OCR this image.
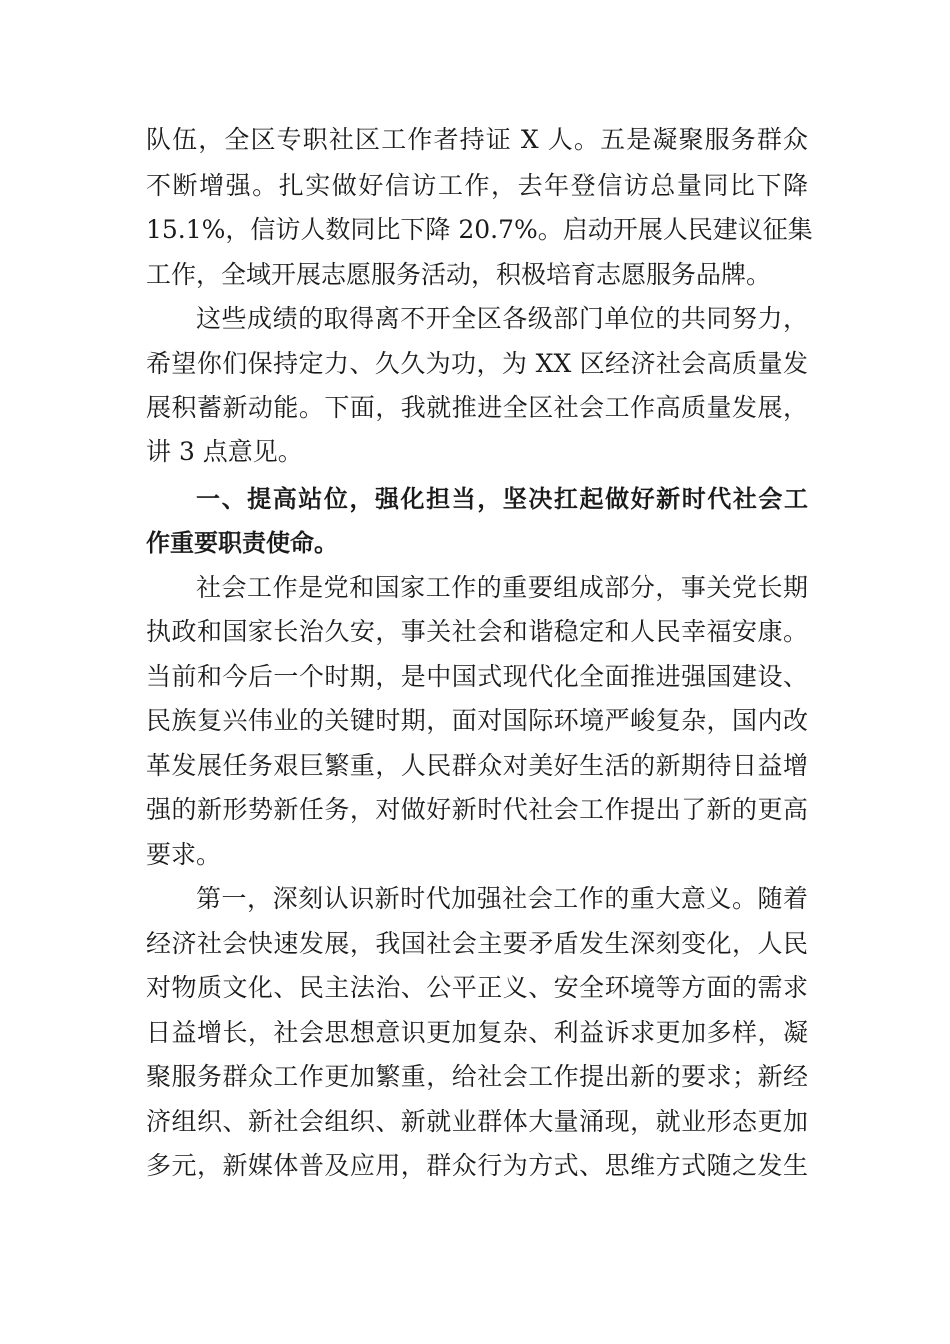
队伍，全区专职社区工作者持证 X 人。五是凝聚服务群众
不断增强。扎实做好信访工作，去年登信访总量同比下降
15.1%，信访人数同比下降 20.7%。启动开展人民建议征集
工作，全域开展志愿服务活动，积极培育志愿服务品牌。
这些成绩的取得离不开全区各级部门单位的共同努力，
希望你们保持定力、久久为功，为 XX 区经济社会高质量发
展积蓄新动能。下面，我就推进全区社会工作高质量发展，
讲 3 点意见。
一、提高站位，强化担当，坚决扛起做好新时代社会工
作重要职责使命。
社会工作是党和国家工作的重要组成部分，事关党长期
执政和国家长治久安，事关社会和谐稳定和人民幸福安康。
当前和今后一个时期，是中国式现代化全面推进强国建设、
民族复兴伟业的关键时期，面对国际环境严峻复杂，国内改
革发展任务艰巨繁重，人民群众对美好生活的新期待日益增
强的新形势新任务，对做好新时代社会工作提出了新的更高
要求。
第一，深刻认识新时代加强社会工作的重大意义。随着
经济社会快速发展，我国社会主要矛盾发生深刻变化，人民
对物质文化、民主法治、公平正义、安全环境等方面的需求
日益增长，社会思想意识更加复杂、利益诉求更加多样，凝
聚服务群众工作更加繁重，给社会工作提出新的要求；新经
济组织、新社会组织、新就业群体大量涌现，就业形态更加
多元，新媒体普及应用，群众行为方式、思维方式随之发生
